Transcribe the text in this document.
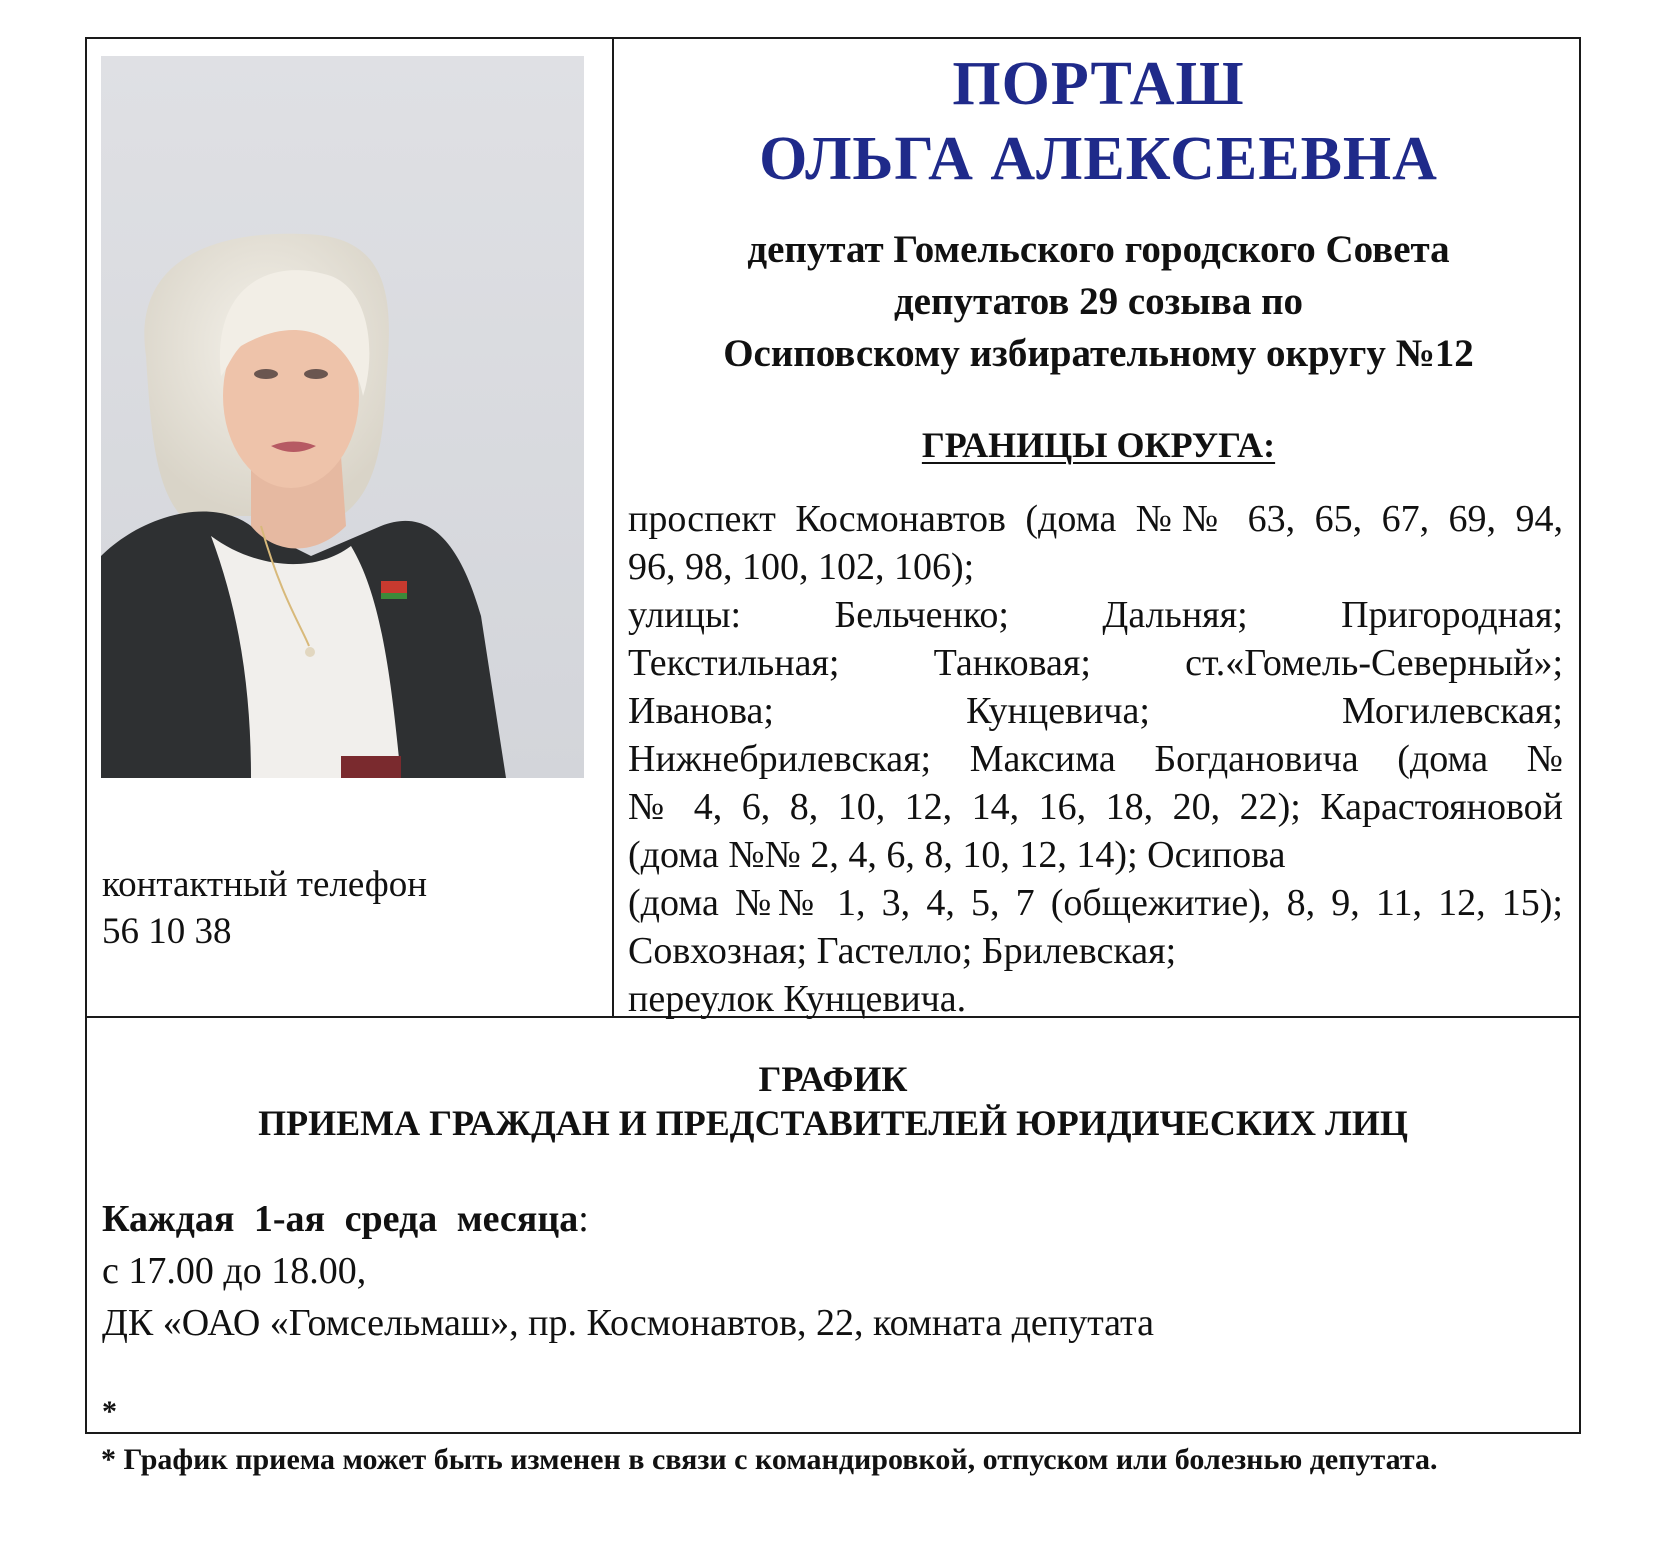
контактный телефон
56 10 38
ПОРТАШ
ОЛЬГА АЛЕКСЕЕВНА
депутат Гомельского городского Совета
депутатов 29 созыва по
Осиповскому избирательному округу №12
ГРАНИЦЫ ОКРУГА:
проспект Космонавтов (дома №№ 63, 65, 67, 69, 94,
96, 98, 100, 102, 106);
улицы: Бельченко; Дальняя; Пригородная;
Текстильная; Танковая; ст.«Гомель-Северный»;
Иванова; Кунцевича; Могилевская;
Нижнебрилевская; Максима Богдановича (дома №
№ 4, 6, 8, 10, 12, 14, 16, 18, 20, 22); Карастояновой
(дома №№ 2, 4, 6, 8, 10, 12, 14); Осипова
(дома №№ 1, 3, 4, 5, 7 (общежитие), 8, 9, 11, 12, 15);
Совхозная; Гастелло; Брилевская;
переулок Кунцевича.
ГРАФИК
ПРИЕМА ГРАЖДАН И ПРЕДСТАВИТЕЛЕЙ ЮРИДИЧЕСКИХ ЛИЦ
Каждая 1-ая среда месяца:
с 17.00 до 18.00,
ДК «ОАО «Гомсельмаш», пр. Космонавтов, 22, комната депутата
*
* График приема может быть изменен в связи с командировкой, отпуском или болезнью депутата.
